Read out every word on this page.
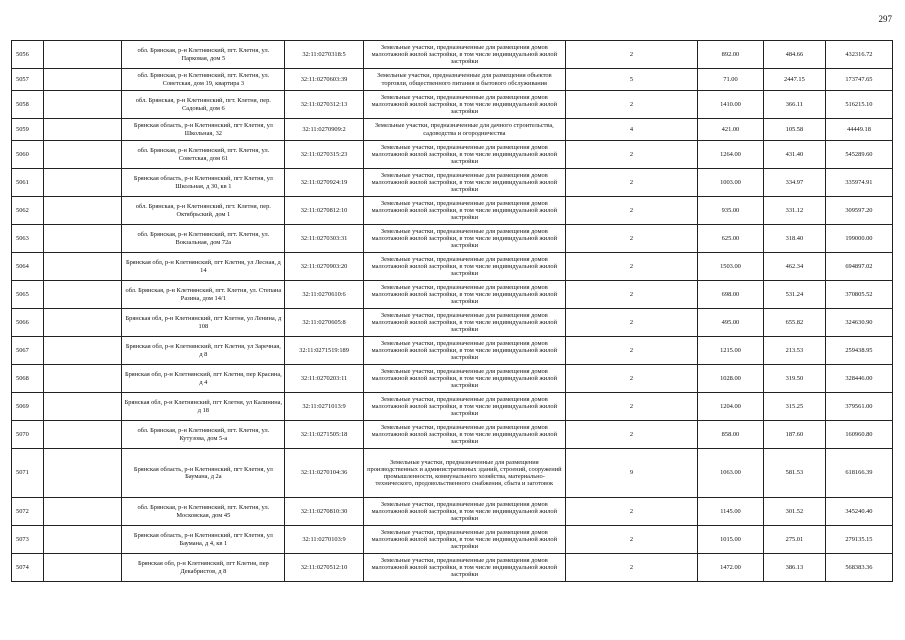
297
5056		обл. Брянская, р-н Клетнянский, пгт. Клетня, ул. Парковая, дом 5	32:11:0270318:5	Земельные участки, предназначенные для размещения домов малоэтажной жилой застройки, в том числе индивидуальной жилой застройки	2	892.00	484.66	432316.72
5057		обл. Брянская, р-н Клетнянский, пгт. Клетня, ул. Советская, дом 19, квартира 3	32:11:0270603:39	Земельные участки, предназначенные для размещения объектов торговли, общественного питания и бытового обслуживания	5	71.00	2447.15	173747.65
5058		обл. Брянская, р-н Клетнянский, пгт. Клетня, пер. Садовый, дом 6	32:11:0270312:13	Земельные участки, предназначенные для размещения домов малоэтажной жилой застройки, в том числе индивидуальной жилой застройки	2	1410.00	366.11	516215.10
5059		Брянская область, р-н Клетнянский, пгт Клетня, ул Школьная, 32	32:11:0270909:2	Земельные участки, предназначенные для дачного строительства, садоводства и огородничества	4	421.00	105.58	44449.18
5060		обл. Брянская, р-н Клетнянский, пгт. Клетня, ул. Советская, дом 61	32:11:0270315:23	Земельные участки, предназначенные для размещения домов малоэтажной жилой застройки, в том числе индивидуальной жилой застройки	2	1264.00	431.40	545289.60
5061		Брянская область, р-н Клетнянский, пгт Клетня, ул Школьная, д 30, кв 1	32:11:0270924:19	Земельные участки, предназначенные для размещения домов малоэтажной жилой застройки, в том числе индивидуальной жилой застройки	2	1003.00	334.97	335974.91
5062		обл. Брянская, р-н Клетнянский, пгт. Клетня, пер. Октябрьский, дом 1	32:11:0270812:10	Земельные участки, предназначенные для размещения домов малоэтажной жилой застройки, в том числе индивидуальной жилой застройки	2	935.00	331.12	309597.20
5063		обл. Брянская, р-н Клетнянский, пгт. Клетня, ул. Вокзальная, дом 72а	32:11:0270303:31	Земельные участки, предназначенные для размещения домов малоэтажной жилой застройки, в том числе индивидуальной жилой застройки	2	625.00	318.40	199000.00
5064		Брянская обл, р-н Клетнянский, пгт Клетня, ул Лесная, д 14	32:11:0270903:20	Земельные участки, предназначенные для размещения домов малоэтажной жилой застройки, в том числе индивидуальной жилой застройки	2	1503.00	462.34	694897.02
5065		обл. Брянская, р-н Клетнянский, пгт. Клетня, ул. Степана Разина, дом 14/1	32:11:0270610:6	Земельные участки, предназначенные для размещения домов малоэтажной жилой застройки, в том числе индивидуальной жилой застройки	2	698.00	531.24	370805.52
5066		Брянская обл, р-н Клетнянский, пгт Клетня, ул Ленина, д 108	32:11:0270605:8	Земельные участки, предназначенные для размещения домов малоэтажной жилой застройки, в том числе индивидуальной жилой застройки	2	495.00	655.82	324630.90
5067		Брянская обл, р-н Клетнянский, пгт Клетня, ул Заречная, д 8	32:11:0271519:189	Земельные участки, предназначенные для размещения домов малоэтажной жилой застройки, в том числе индивидуальной жилой застройки	2	1215.00	213.53	259438.95
5068		Брянская обл, р-н Клетнянский, пгт Клетня, пер Красина, д 4	32:11:0270203:11	Земельные участки, предназначенные для размещения домов малоэтажной жилой застройки, в том числе индивидуальной жилой застройки	2	1028.00	319.50	328446.00
5069		Брянская обл, р-н Клетнянский, пгт Клетня, ул Калинина, д 18	32:11:0271013:9	Земельные участки, предназначенные для размещения домов малоэтажной жилой застройки, в том числе индивидуальной жилой застройки	2	1204.00	315.25	379561.00
5070		обл. Брянская, р-н Клетнянский, пгт. Клетня, ул. Кутузова, дом 5-а	32:11:0271505:18	Земельные участки, предназначенные для размещения домов малоэтажной жилой застройки, в том числе индивидуальной жилой застройки	2	858.00	187.60	160960.80
5071		Брянская область, р-н Клетнянский, пгт Клетня, ул Баумана, д 2а	32:11:0270104:36	Земельные участки, предназначенные для размещения производственных и административных зданий, строений, сооружений промышленности, коммунального хозяйства, материально-технического, продовольственного снабжения, сбыта и заготовок	9	1063.00	581.53	618166.39
5072		обл. Брянская, р-н Клетнянский, пгт. Клетня, ул. Московская, дом 45	32:11:0270810:30	Земельные участки, предназначенные для размещения домов малоэтажной жилой застройки, в том числе индивидуальной жилой застройки	2	1145.00	301.52	345240.40
5073		Брянская область, р-н Клетнянский, пгт Клетня, ул Баумана, д 4, кв 1	32:11:0270103:9	Земельные участки, предназначенные для размещения домов малоэтажной жилой застройки, в том числе индивидуальной жилой застройки	2	1015.00	275.01	279135.15
5074		Брянская обл, р-н Клетнянский, пгт Клетня, пер Декабристов, д 8	32:11:0270512:10	Земельные участки, предназначенные для размещения домов малоэтажной жилой застройки, в том числе индивидуальной жилой застройки	2	1472.00	386.13	568383.36
